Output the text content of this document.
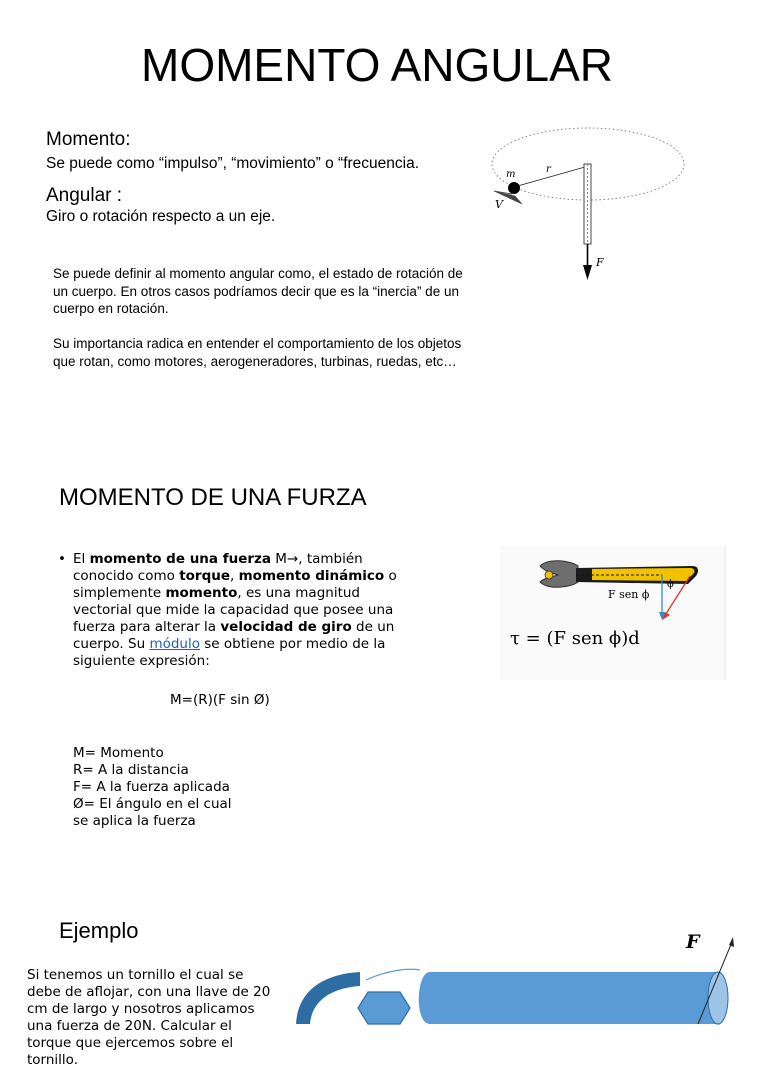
MOMENTO ANGULAR
Momento:
Se puede como “impulso”, “movimiento” o “frecuencia.
Angular :
Giro o rotación respecto a un eje.
Se puede definir al momento angular como, el estado de rotación de un cuerpo. En otros casos podríamos decir que es la “inercia” de un cuerpo en rotación.
Su importancia radica en entender el comportamiento de los objetos que rotan, como motores, aerogeneradores, turbinas, ruedas, etc…
m	r
V
F
MOMENTO DE UNA FURZA
• El momento de una fuerza M→, también conocido como torque, momento dinámico o simplemente momento, es una magnitud vectorial que mide la capacidad que posee una fuerza para alterar la velocidad de giro de un cuerpo. Su módulo se obtiene por medio de la siguiente expresión:
M=(R)(F sin Ø)
M= Momento
R= A la distancia
F= A la fuerza aplicada
Ø= El ángulo en el cual se aplica la fuerza
F sen ϕ
ϕ
τ = (F sen ϕ)d
Ejemplo
Si tenemos un tornillo el cual se debe de aflojar, con una llave de 20 cm de largo y nosotros aplicamos una fuerza de 20N. Calcular el torque que ejercemos sobre el tornillo.
F
